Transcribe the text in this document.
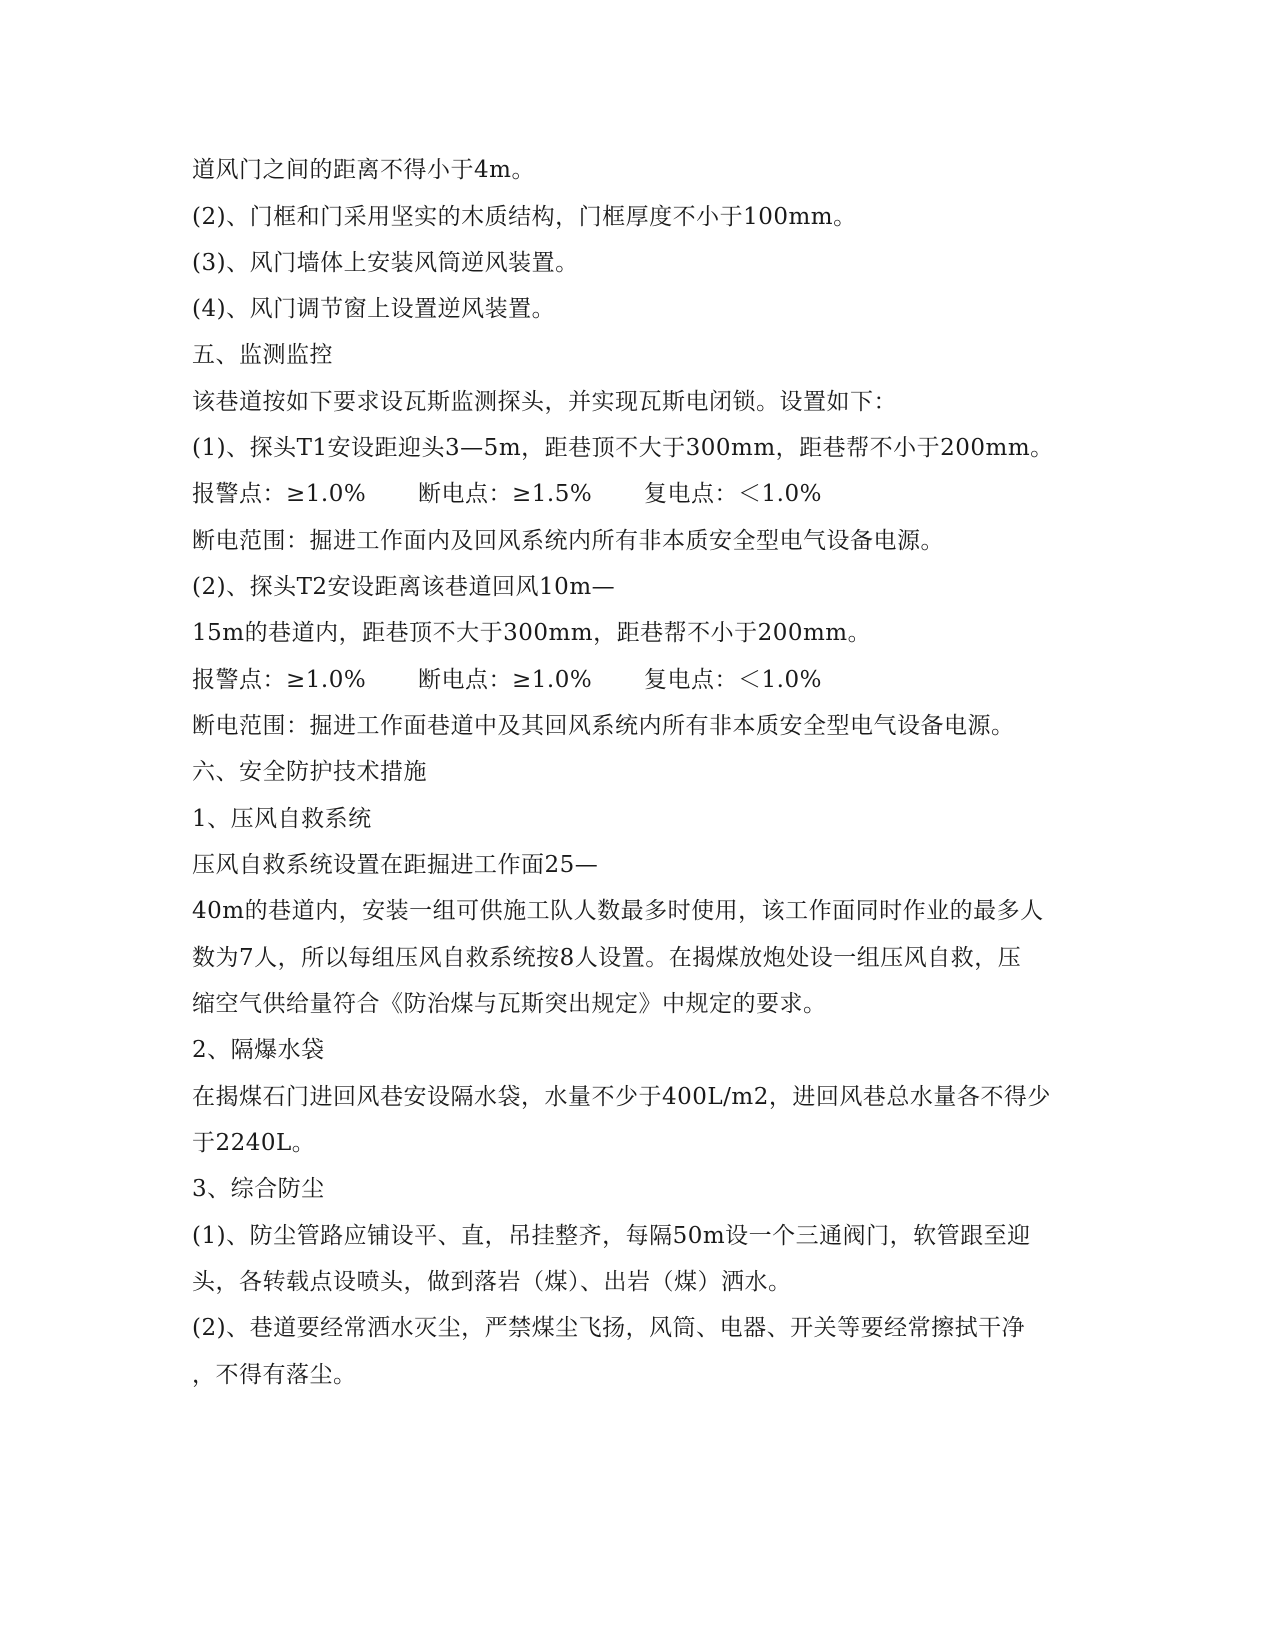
道风门之间的距离不得小于4m。
(2)、门框和门采用坚实的木质结构，门框厚度不小于100mm。
(3)、风门墙体上安装风筒逆风装置。
(4)、风门调节窗上设置逆风装置。
五、监测监控
该巷道按如下要求设瓦斯监测探头，并实现瓦斯电闭锁。设置如下：
(1)、探头T1安设距迎头3—5m，距巷顶不大于300mm，距巷帮不小于200mm。
报警点：≥1.0% 断电点：≥1.5% 复电点：＜1.0%
断电范围：掘进工作面内及回风系统内所有非本质安全型电气设备电源。
(2)、探头T2安设距离该巷道回风10m—
15m的巷道内，距巷顶不大于300mm，距巷帮不小于200mm。
报警点：≥1.0% 断电点：≥1.0% 复电点：＜1.0%
断电范围：掘进工作面巷道中及其回风系统内所有非本质安全型电气设备电源。
六、安全防护技术措施
1、压风自救系统
压风自救系统设置在距掘进工作面25—
40m的巷道内，安装一组可供施工队人数最多时使用，该工作面同时作业的最多人
数为7人，所以每组压风自救系统按8人设置。在揭煤放炮处设一组压风自救，压
缩空气供给量符合《防治煤与瓦斯突出规定》中规定的要求。
2、隔爆水袋
在揭煤石门进回风巷安设隔水袋，水量不少于400L/m2，进回风巷总水量各不得少
于2240L。
3、综合防尘
(1)、防尘管路应铺设平、直，吊挂整齐，每隔50m设一个三通阀门，软管跟至迎
头，各转载点设喷头，做到落岩（煤）、出岩（煤）洒水。
(2)、巷道要经常洒水灭尘，严禁煤尘飞扬，风筒、电器、开关等要经常擦拭干净
，不得有落尘。
